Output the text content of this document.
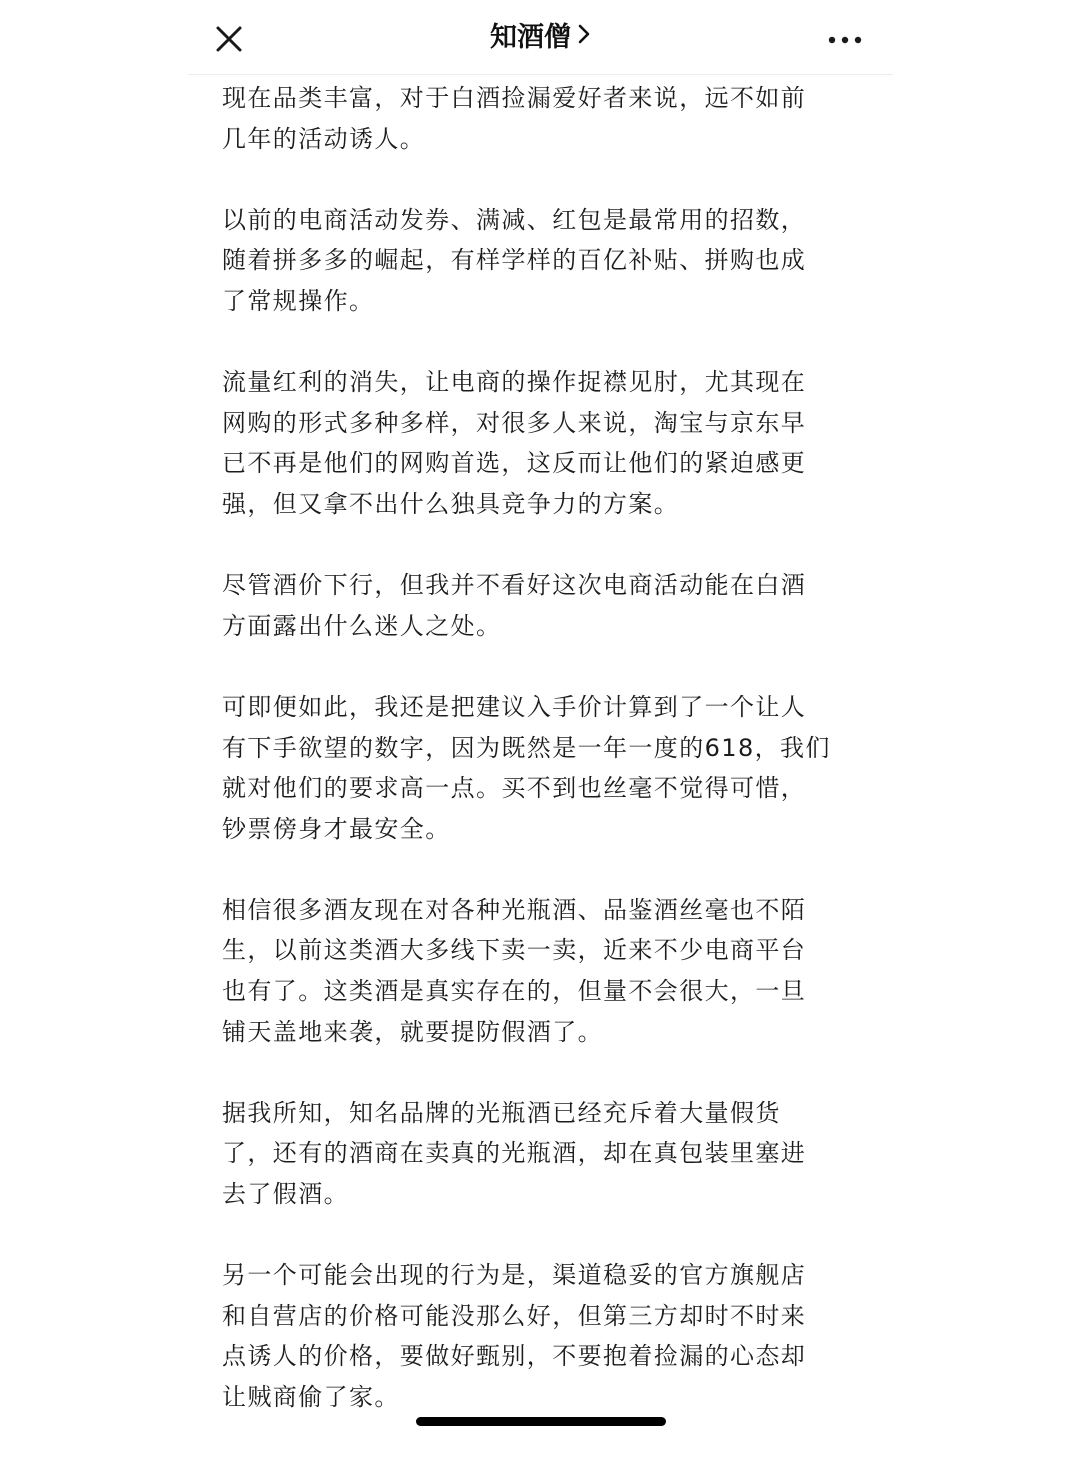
知酒僧

现在品类丰富，对于白酒捡漏爱好者来说，远不如前
几年的活动诱人。

以前的电商活动发券、满减、红包是最常用的招数，
随着拼多多的崛起，有样学样的百亿补贴、拼购也成
了常规操作。

流量红利的消失，让电商的操作捉襟见肘，尤其现在
网购的形式多种多样，对很多人来说，淘宝与京东早
已不再是他们的网购首选，这反而让他们的紧迫感更
强，但又拿不出什么独具竞争力的方案。

尽管酒价下行，但我并不看好这次电商活动能在白酒
方面露出什么迷人之处。

可即便如此，我还是把建议入手价计算到了一个让人
有下手欲望的数字，因为既然是一年一度的618，我们
就对他们的要求高一点。买不到也丝毫不觉得可惜，
钞票傍身才最安全。

相信很多酒友现在对各种光瓶酒、品鉴酒丝毫也不陌
生，以前这类酒大多线下卖一卖，近来不少电商平台
也有了。这类酒是真实存在的，但量不会很大，一旦
铺天盖地来袭，就要提防假酒了。

据我所知，知名品牌的光瓶酒已经充斥着大量假货
了，还有的酒商在卖真的光瓶酒，却在真包装里塞进
去了假酒。

另一个可能会出现的行为是，渠道稳妥的官方旗舰店
和自营店的价格可能没那么好，但第三方却时不时来
点诱人的价格，要做好甄别，不要抱着捡漏的心态却
让贼商偷了家。
